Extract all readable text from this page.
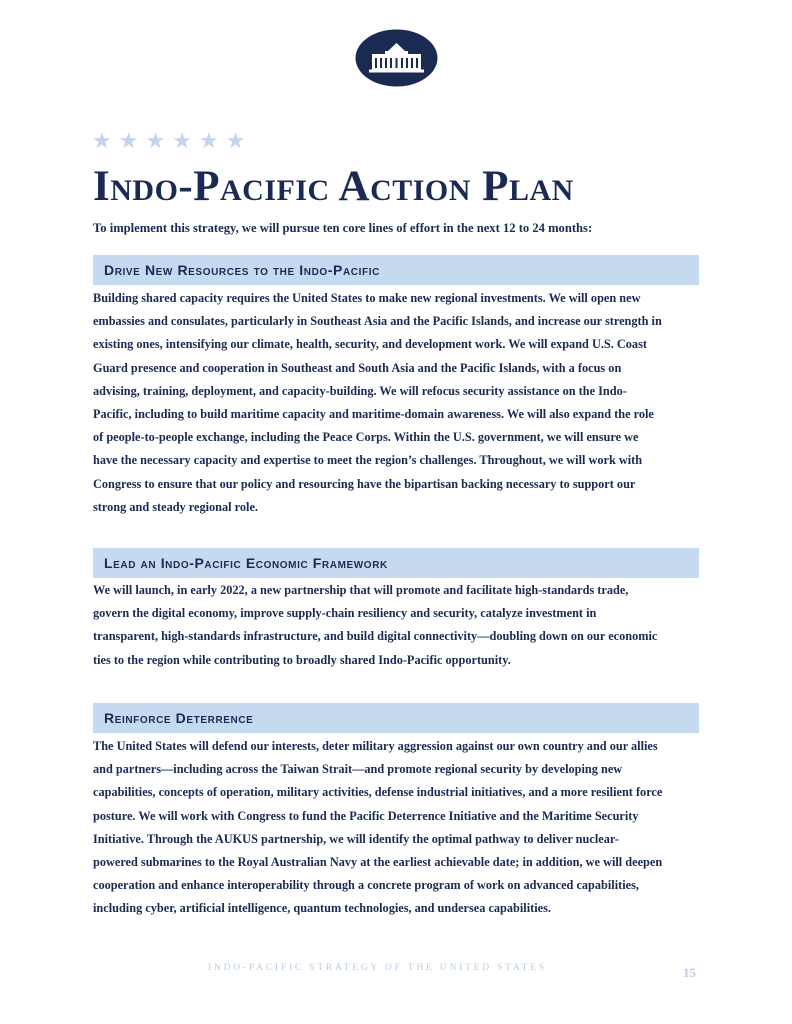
★ ★ ★ ★ ★ ★
Indo-Pacific Action Plan

To implement this strategy, we will pursue ten core lines of effort in the next 12 to 24 months:

Drive New Resources to the Indo-Pacific
Building shared capacity requires the United States to make new regional investments. We will open new
embassies and consulates, particularly in Southeast Asia and the Pacific Islands, and increase our strength in
existing ones, intensifying our climate, health, security, and development work. We will expand U.S. Coast
Guard presence and cooperation in Southeast and South Asia and the Pacific Islands, with a focus on
advising, training, deployment, and capacity-building. We will refocus security assistance on the Indo-
Pacific, including to build maritime capacity and maritime-domain awareness. We will also expand the role
of people-to-people exchange, including the Peace Corps. Within the U.S. government, we will ensure we
have the necessary capacity and expertise to meet the region’s challenges. Throughout, we will work with
Congress to ensure that our policy and resourcing have the bipartisan backing necessary to support our
strong and steady regional role.
Lead an Indo-Pacific Economic Framework
We will launch, in early 2022, a new partnership that will promote and facilitate high-standards trade,
govern the digital economy, improve supply-chain resiliency and security, catalyze investment in
transparent, high-standards infrastructure, and build digital connectivity—doubling down on our economic
ties to the region while contributing to broadly shared Indo-Pacific opportunity.
Reinforce Deterrence
The United States will defend our interests, deter military aggression against our own country and our allies
and partners—including across the Taiwan Strait—and promote regional security by developing new
capabilities, concepts of operation, military activities, defense industrial initiatives, and a more resilient force
posture. We will work with Congress to fund the Pacific Deterrence Initiative and the Maritime Security
Initiative. Through the AUKUS partnership, we will identify the optimal pathway to deliver nuclear-
powered submarines to the Royal Australian Navy at the earliest achievable date; in addition, we will deepen
cooperation and enhance interoperability through a concrete program of work on advanced capabilities,
including cyber, artificial intelligence, quantum technologies, and undersea capabilities.
INDO-PACIFIC STRATEGY OF THE UNITED STATES	15
